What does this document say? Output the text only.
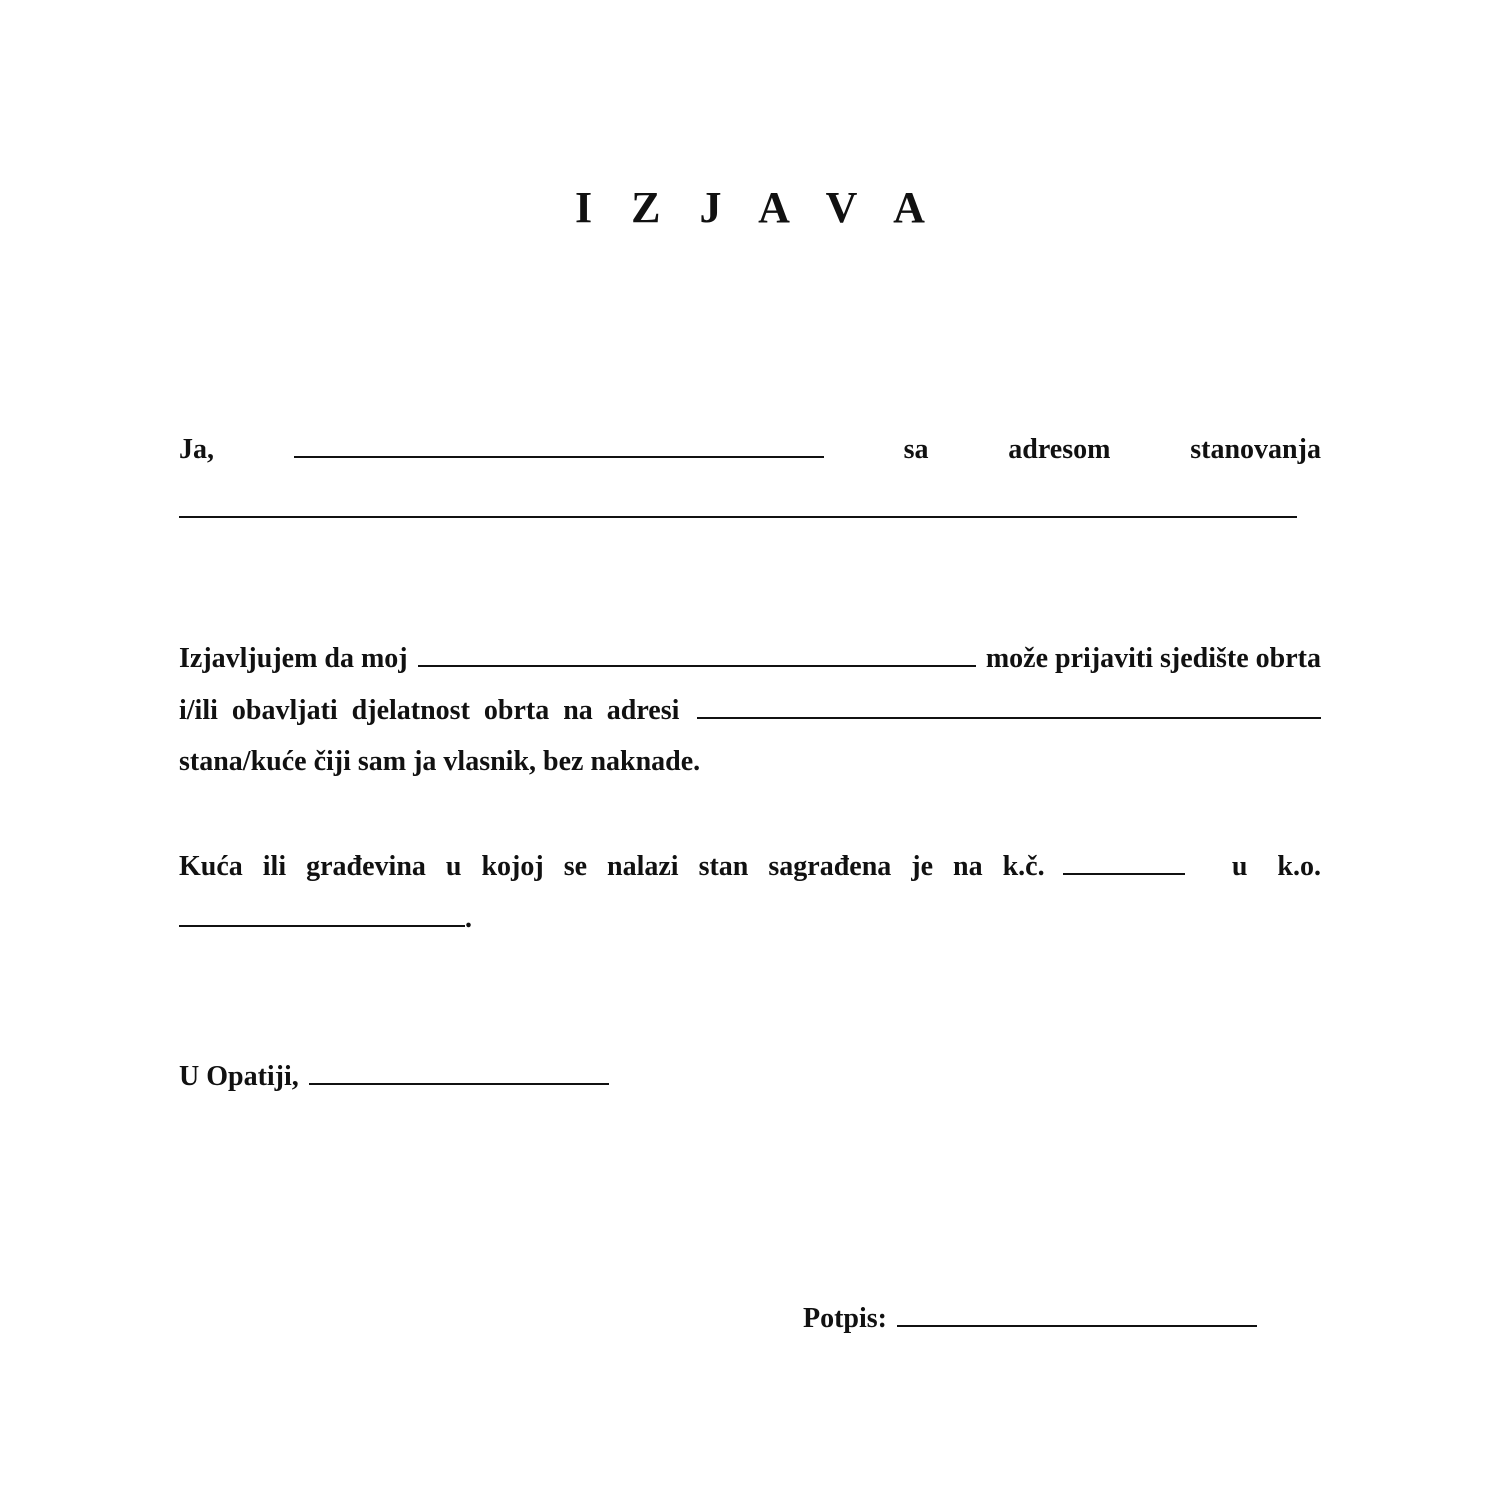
I Z J A V A
Ja,	sa	adresom	stanovanja
Izjavljujem da moj	može prijaviti sjedište obrta
i/ili  obavljati  djelatnost  obrta  na  adresi
stana/kuće čiji sam ja vlasnik, bez naknade.
Kuća  ili  građevina  u  kojoj  se  nalazi  stan  sagrađena  je  na  k.č.	u  k.o.
.
U Opatiji,
Potpis:
